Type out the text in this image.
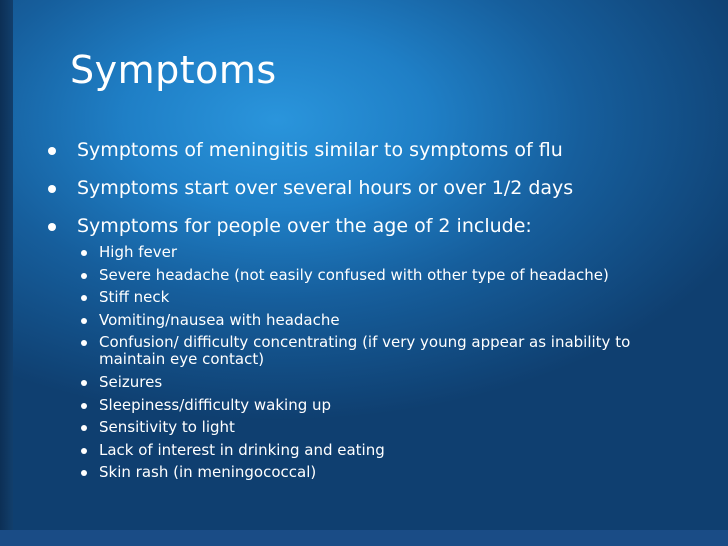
Symptoms
Symptoms of meningitis similar to symptoms of flu
Symptoms start over several hours or over 1/2 days
Symptoms for people over the age of 2 include:
High fever
Severe headache (not easily confused with other type of headache)
Stiff neck
Vomiting/nausea with headache
Confusion/ difficulty concentrating (if very young appear as inability to maintain eye contact)
Seizures
Sleepiness/difficulty waking up
Sensitivity to light
Lack of interest in drinking and eating
Skin rash (in meningococcal)
